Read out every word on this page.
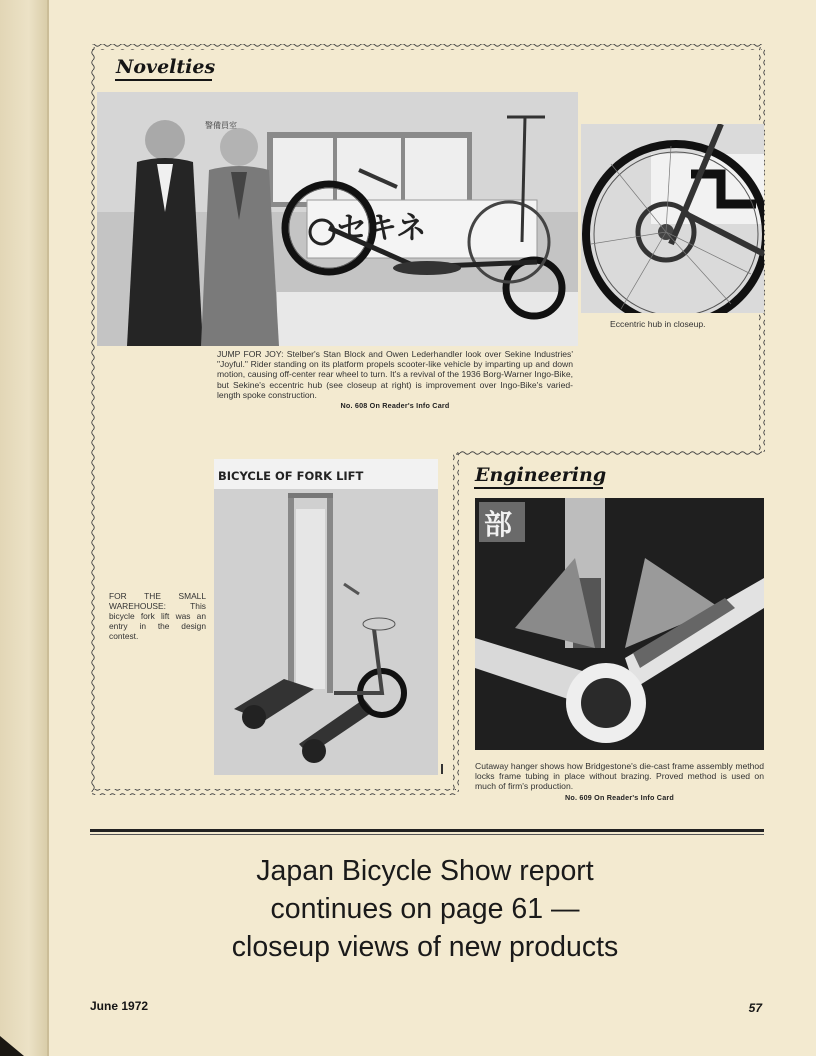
Novelties
セキネ
警備員室
Eccentric hub in closeup.
JUMP FOR JOY: Stelber's Stan Block and Owen Lederhandler look over Sekine Industries' "Joyful." Rider standing on its platform propels scooter-like vehicle by imparting up and down motion, causing off-center rear wheel to turn. It's a revival of the 1936 Borg-Warner Ingo-Bike, but Sekine's eccentric hub (see closeup at right) is improvement over Ingo-Bike's varied-length spoke construction.
No. 608 On Reader's Info Card
FOR THE SMALL WAREHOUSE: This bicycle fork lift was an entry in the design contest.
BICYCLE OF FORK LIFT	Engineering
部
Cutaway hanger shows how Bridgestone's die-cast frame assembly method locks frame tubing in place without brazing. Proved method is used on much of firm's production.
No. 609 On Reader's Info Card
Japan Bicycle Show report
continues on page 61 —
closeup views of new products
June 1972	57
